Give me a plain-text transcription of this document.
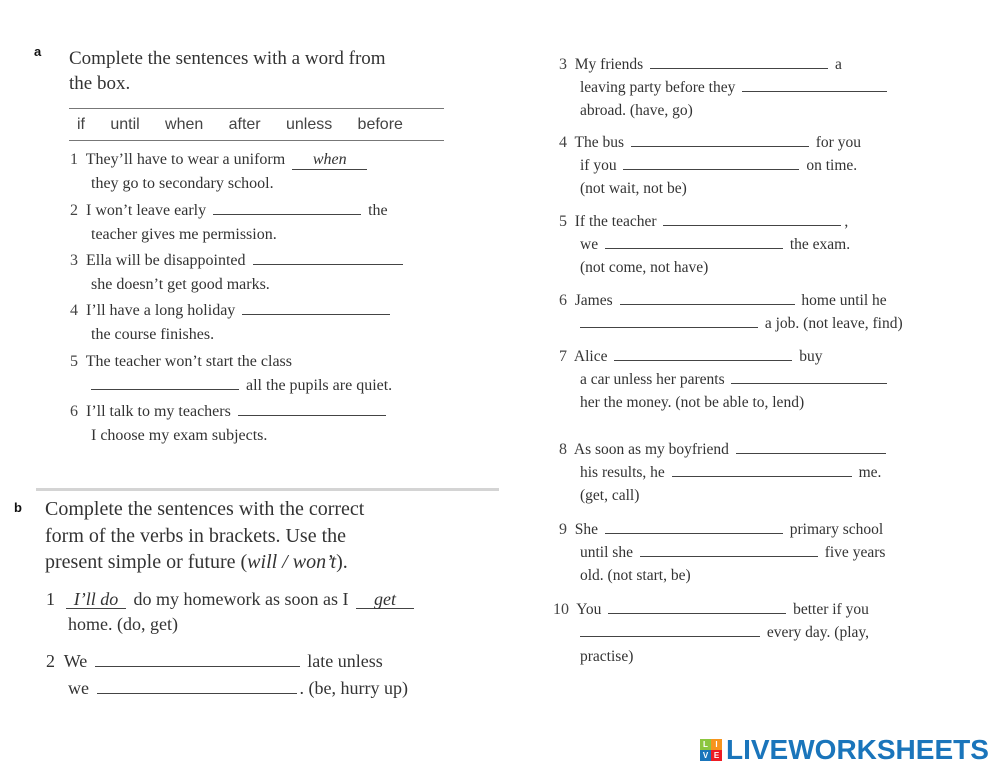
a Complete the sentences with a word from
the box.
if   until   when   after   unless   before
1 They’ll have to wear a uniform when
they go to secondary school.
2 I won’t leave early	the
teacher gives me permission.
3 Ella will be disappointed
she doesn’t get good marks.
4 I’ll have a long holiday
the course finishes.
5 The teacher won’t start the class
all the pupils are quiet.
6 I’ll talk to my teachers
I choose my exam subjects.
b Complete the sentences with the correct
form of the verbs in brackets. Use the
present simple or future (will / won’t).
1 I’ll do do my homework as soon as I get
home. (do, get)
2 We	late unless
we	. (be, hurry up)
3 My friends	a
leaving party before they
abroad. (have, go)
4 The bus	for you
if you	on time.
(not wait, not be)
5 If the teacher	,
we	the exam.
(not come, not have)
6 James	home until he
a job. (not leave, find)
7 Alice	buy
a car unless her parents
her the money. (not be able to, lend)
8 As soon as my boyfriend
his results, he	me.
(get, call)
9 She	primary school
until she	five years
old. (not start, be)
10 You	better if you
every day. (play,
practise)
L I
V E LIVE WORKSHEETS
